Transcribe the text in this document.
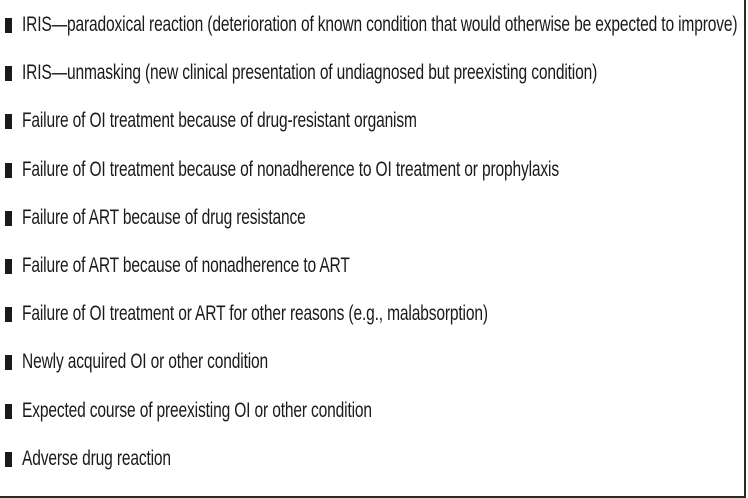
IRIS—paradoxical reaction (deterioration of known condition that would otherwise be expected to improve)
IRIS—unmasking (new clinical presentation of undiagnosed but preexisting condition)
Failure of OI treatment because of drug-resistant organism
Failure of OI treatment because of nonadherence to OI treatment or prophylaxis
Failure of ART because of drug resistance
Failure of ART because of nonadherence to ART
Failure of OI treatment or ART for other reasons (e.g., malabsorption)
Newly acquired OI or other condition
Expected course of preexisting OI or other condition
Adverse drug reaction
